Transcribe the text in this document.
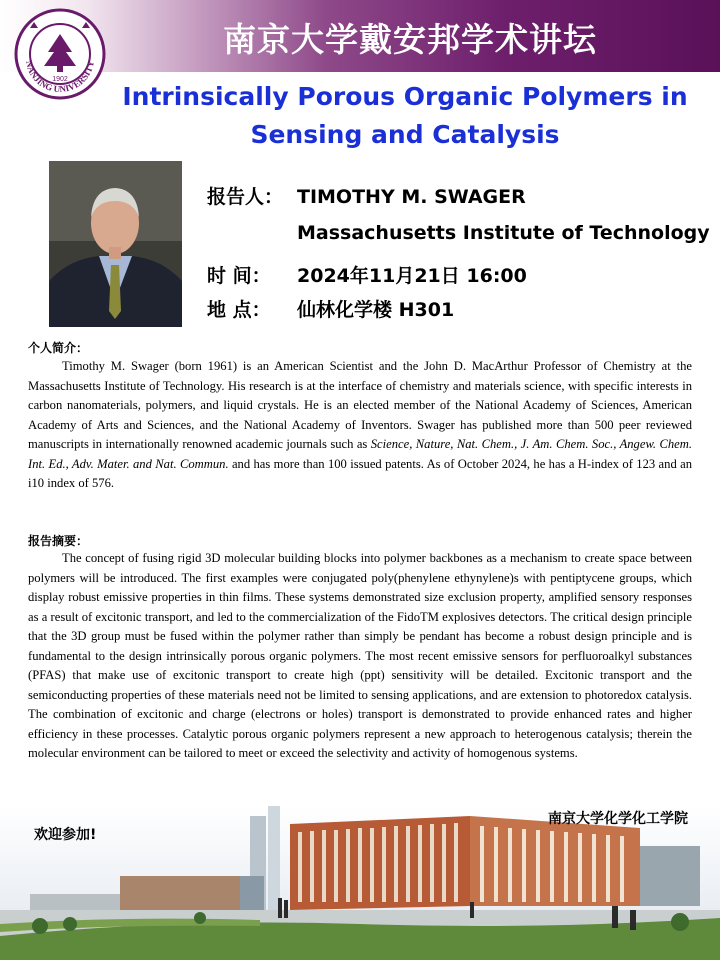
南京大学戴安邦学术讲坛
NANJING UNIVERSITY
1902
Intrinsically Porous Organic Polymers in
Sensing and Catalysis
报告人： TIMOTHY M. SWAGER
Massachusetts Institute of Technology
时 间： 2024年11月21日 16:00
地 点： 仙林化学楼 H301
个人简介：
Timothy M. Swager (born 1961) is an American Scientist and the John D. MacArthur Professor of Chemistry at the Massachusetts Institute of Technology. His research is at the interface of chemistry and materials science, with specific interests in carbon nanomaterials, polymers, and liquid crystals. He is an elected member of the National Academy of Sciences, American Academy of Arts and Sciences, and the National Academy of Inventors. Swager has published more than 500 peer reviewed manuscripts in internationally renowned academic journals such as Science, Nature, Nat. Chem., J. Am. Chem. Soc., Angew. Chem. Int. Ed., Adv. Mater. and Nat. Commun. and has more than 100 issued patents. As of October 2024, he has a H-index of 123 and an i10 index of 576.
报告摘要：
The concept of fusing rigid 3D molecular building blocks into polymer backbones as a mechanism to create space between polymers will be introduced. The first examples were conjugated poly(phenylene ethynylene)s with pentiptycene groups, which display robust emissive properties in thin films. These systems demonstrated size exclusion property, amplified sensory responses as a result of excitonic transport, and led to the commercialization of the FidoTM explosives detectors. The critical design principle that the 3D group must be fused within the polymer rather than simply be pendant has become a robust design principle and is fundamental to the design intrinsically porous organic polymers. The most recent emissive sensors for perfluoroalkyl substances (PFAS) that make use of excitonic transport to create high (ppt) sensitivity will be detailed. Excitonic transport and the semiconducting properties of these materials need not be limited to sensing applications, and are extension to photoredox catalysis. The combination of excitonic and charge (electrons or holes) transport is demonstrated to provide enhanced rates and higher efficiency in these processes. Catalytic porous organic polymers represent a new approach to heterogenous catalysis; therein the molecular environment can be tailored to meet or exceed the selectivity and activity of homogenous systems.
南京大学化学化工学院
欢迎参加!
